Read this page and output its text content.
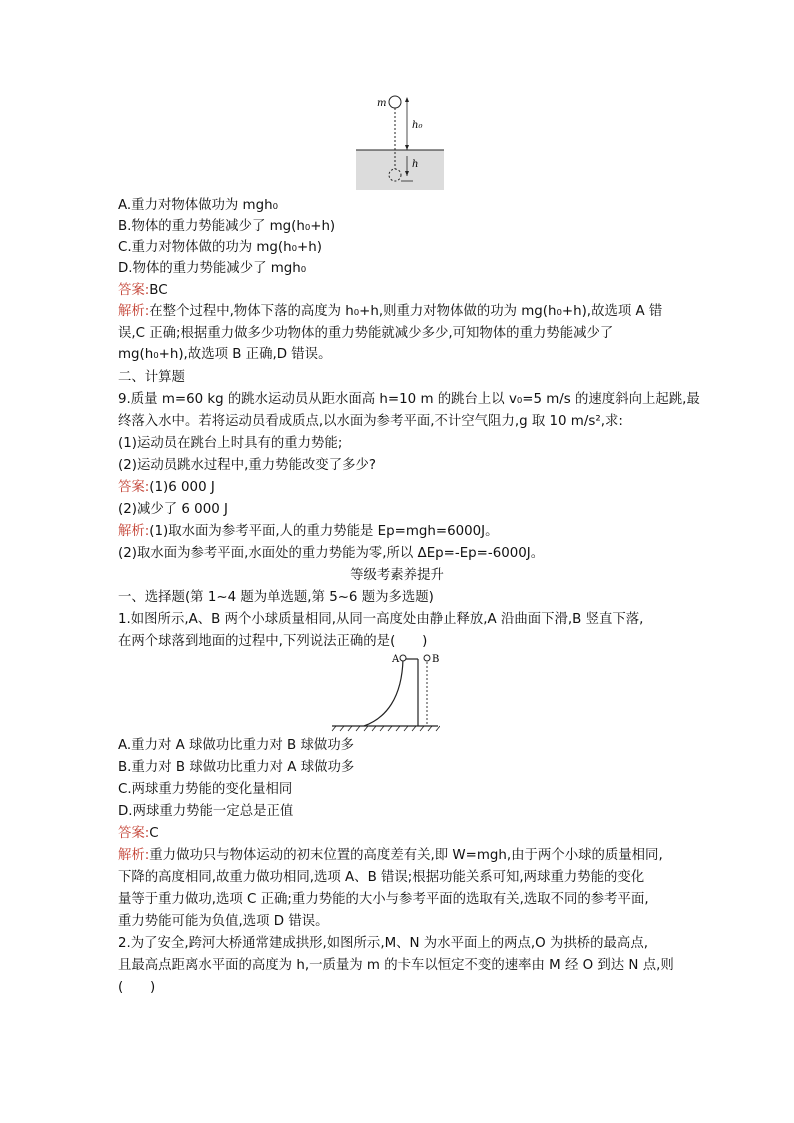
m
h₀
h
A.重力对物体做功为 mgh₀
B.物体的重力势能减少了 mg(h₀+h)
C.重力对物体做的功为 mg(h₀+h)
D.物体的重力势能减少了 mgh₀
答案:BC
解析:在整个过程中,物体下落的高度为 h₀+h,则重力对物体做的功为 mg(h₀+h),故选项 A 错
误,C 正确;根据重力做多少功物体的重力势能就减少多少,可知物体的重力势能减少了
mg(h₀+h),故选项 B 正确,D 错误。
二、计算题
9.质量 m=60 kg 的跳水运动员从距水面高 h=10 m 的跳台上以 v₀=5 m/s 的速度斜向上起跳,最
终落入水中。若将运动员看成质点,以水面为参考平面,不计空气阻力,g 取 10 m/s²,求:
(1)运动员在跳台上时具有的重力势能;
(2)运动员跳水过程中,重力势能改变了多少?
答案:(1)6 000 J
(2)减少了 6 000 J
解析:(1)取水面为参考平面,人的重力势能是 Ep=mgh=6000J。
(2)取水面为参考平面,水面处的重力势能为零,所以 ΔEp=-Ep=-6000J。
等级考素养提升
一、选择题(第 1~4 题为单选题,第 5~6 题为多选题)
1.如图所示,A、B 两个小球质量相同,从同一高度处由静止释放,A 沿曲面下滑,B 竖直下落,
在两个球落到地面的过程中,下列说法正确的是(　　)
A	B
A.重力对 A 球做功比重力对 B 球做功多
B.重力对 B 球做功比重力对 A 球做功多
C.两球重力势能的变化量相同
D.两球重力势能一定总是正值
答案:C
解析:重力做功只与物体运动的初末位置的高度差有关,即 W=mgh,由于两个小球的质量相同,
下降的高度相同,故重力做功相同,选项 A、B 错误;根据功能关系可知,两球重力势能的变化
量等于重力做功,选项 C 正确;重力势能的大小与参考平面的选取有关,选取不同的参考平面,
重力势能可能为负值,选项 D 错误。
2.为了安全,跨河大桥通常建成拱形,如图所示,M、N 为水平面上的两点,O 为拱桥的最高点,
且最高点距离水平面的高度为 h,一质量为 m 的卡车以恒定不变的速率由 M 经 O 到达 N 点,则
(　　)
